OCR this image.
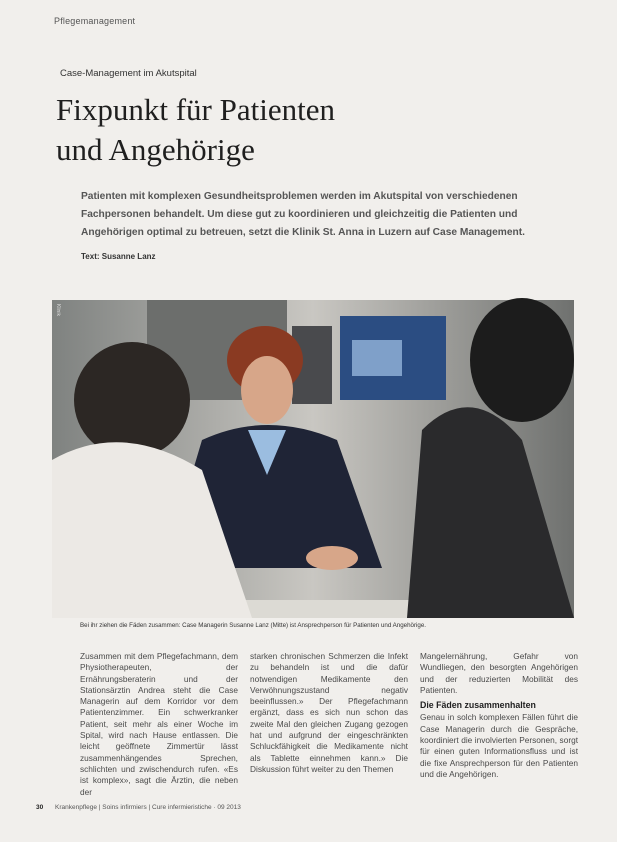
Pflegemanagement
Case-Management im Akutspital
Fixpunkt für Patienten
und Angehörige

Patienten mit komplexen Gesundheitsproblemen werden im Akutspital von verschiedenen Fachpersonen behandelt. Um diese gut zu koordinieren und gleichzeitig die Patienten und Angehörigen optimal zu betreuen, setzt die Klinik St. Anna in Luzern auf Case Management.

Text: Susanne Lanz
Klinik
Bei ihr ziehen die Fäden zusammen: Case Managerin Susanne Lanz (Mitte) ist Ansprechperson für Patienten und Angehörige.

Zusammen mit dem Pflegefachmann, dem Physiotherapeuten, der Ernährungsberaterin und der Stationsärztin Andrea steht die Case Managerin auf dem Korridor vor dem Patientenzimmer. Ein schwerkranker Patient, seit mehr als einer Woche im Spital, wird nach Hause entlassen. Die leicht geöffnete Zimmertür lässt zusammenhängendes Sprechen, schlichten und zwischendurch rufen. «Es ist komplex», sagt die Ärztin, die neben der

starken chronischen Schmerzen die Infekt zu behandeln ist und die dafür notwendigen Medikamente den Verwöhnungszustand negativ beeinflussen.» Der Pflegefachmann ergänzt, dass es sich nun schon das zweite Mal den gleichen Zugang gezogen hat und aufgrund der eingeschränkten Schluckfähigkeit die Medikamente nicht als Tablette einnehmen kann.» Die Diskussion führt weiter zu den Themen

Mangelernährung, Gefahr von Wundliegen, den besorgten Angehörigen und der reduzierten Mobilität des Patienten.

Die Fäden zusammenhalten

Genau in solch komplexen Fällen führt die Case Managerin durch die Gespräche, koordiniert die involvierten Personen, sorgt für einen guten Informationsfluss und ist die fixe Ansprechperson für den Patienten und die Angehörigen.

30 Krankenpflege | Soins infirmiers | Cure infermieristiche · 09 2013
